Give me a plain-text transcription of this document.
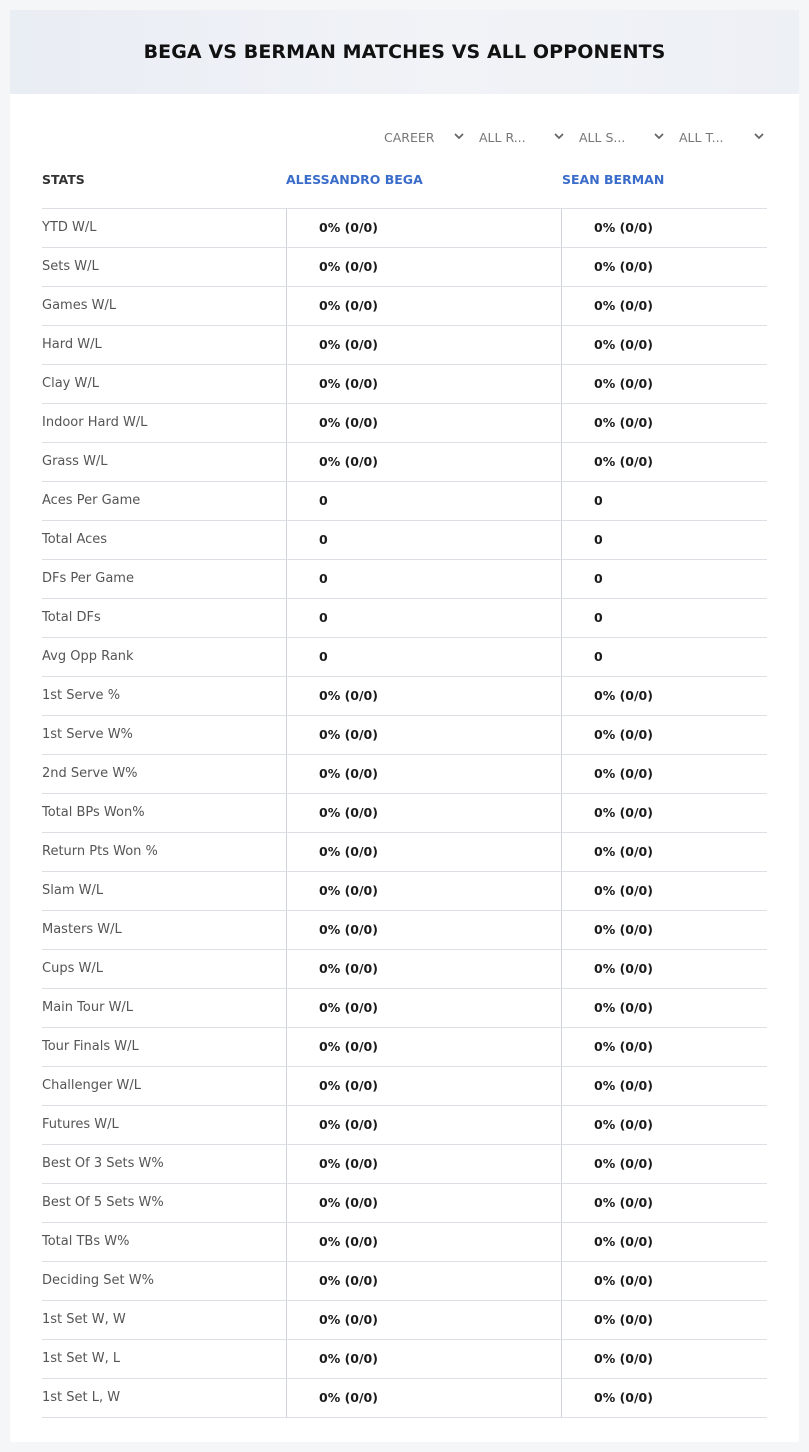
BEGA VS BERMAN MATCHES VS ALL OPPONENTS
CAREER	ALL R...	ALL S...	ALL T...
STATS	ALESSANDRO BEGA	SEAN BERMAN
YTD W/L	0% (0/0)	0% (0/0)
Sets W/L	0% (0/0)	0% (0/0)
Games W/L	0% (0/0)	0% (0/0)
Hard W/L	0% (0/0)	0% (0/0)
Clay W/L	0% (0/0)	0% (0/0)
Indoor Hard W/L	0% (0/0)	0% (0/0)
Grass W/L	0% (0/0)	0% (0/0)
Aces Per Game	0	0
Total Aces	0	0
DFs Per Game	0	0
Total DFs	0	0
Avg Opp Rank	0	0
1st Serve %	0% (0/0)	0% (0/0)
1st Serve W%	0% (0/0)	0% (0/0)
2nd Serve W%	0% (0/0)	0% (0/0)
Total BPs Won%	0% (0/0)	0% (0/0)
Return Pts Won %	0% (0/0)	0% (0/0)
Slam W/L	0% (0/0)	0% (0/0)
Masters W/L	0% (0/0)	0% (0/0)
Cups W/L	0% (0/0)	0% (0/0)
Main Tour W/L	0% (0/0)	0% (0/0)
Tour Finals W/L	0% (0/0)	0% (0/0)
Challenger W/L	0% (0/0)	0% (0/0)
Futures W/L	0% (0/0)	0% (0/0)
Best Of 3 Sets W%	0% (0/0)	0% (0/0)
Best Of 5 Sets W%	0% (0/0)	0% (0/0)
Total TBs W%	0% (0/0)	0% (0/0)
Deciding Set W%	0% (0/0)	0% (0/0)
1st Set W, W	0% (0/0)	0% (0/0)
1st Set W, L	0% (0/0)	0% (0/0)
1st Set L, W	0% (0/0)	0% (0/0)
